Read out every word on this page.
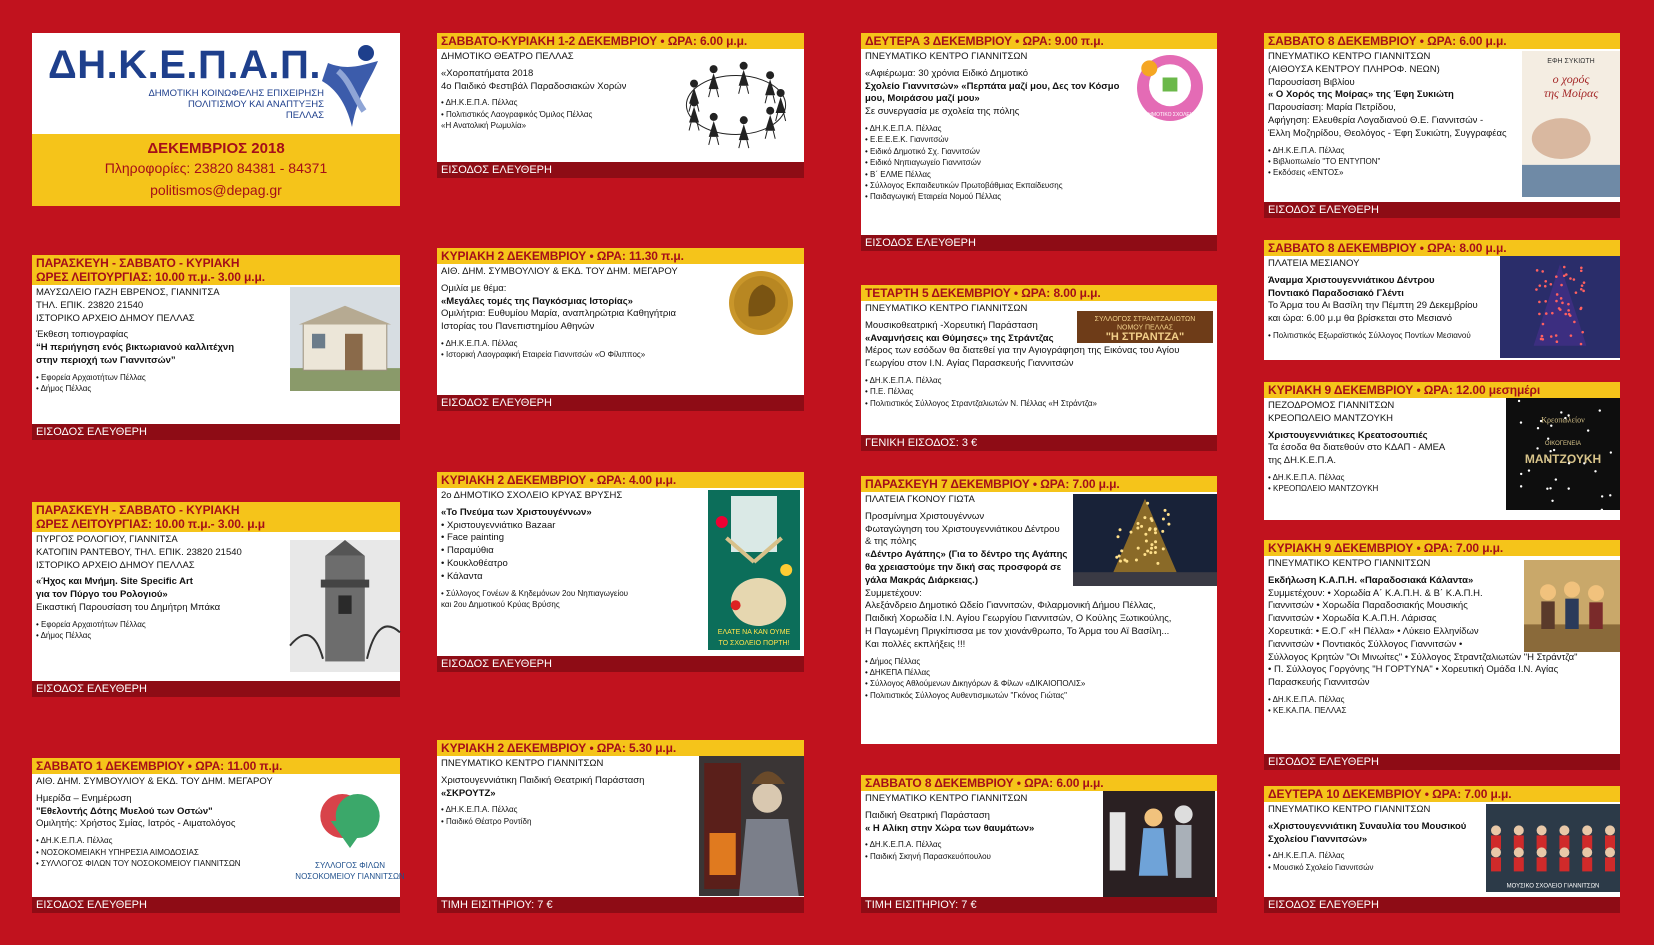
ΔΗ.Κ.Ε.Π.Α.Π.
ΔΗΜΟΤΙΚΗ ΚΟΙΝΩΦΕΛΗΣ ΕΠΙΧΕΙΡΗΣΗ
ΠΟΛΙΤΙΣΜΟΥ ΚΑΙ ΑΝΑΠΤΥΞΗΣ
ΠΕΛΛΑΣ
ΔΕΚΕΜΒΡΙΟΣ 2018
Πληροφορίες: 23820 84381 - 84371
politismos@depag.gr
ΠΑΡΑΣΚΕΥΗ - ΣΑΒΒΑΤΟ - ΚΥΡΙΑΚΗ
ΩΡΕΣ ΛΕΙΤΟΥΡΓΙΑΣ: 10.00 π.μ.- 3.00 μ.μ.
ΜΑΥΣΩΛΕΙΟ ΓΑΖΗ ΕΒΡΕΝΟΣ, ΓΙΑΝΝΙΤΣΑ
ΤΗΛ. ΕΠΙΚ. 23820 21540
ΙΣΤΟΡΙΚΟ ΑΡΧΕΙΟ ΔΗΜΟΥ ΠΕΛΛΑΣ
Έκθεση τοπιογραφίας
“Η περιήγηση ενός βικτωριανού καλλιτέχνη
στην περιοχή των Γιαννιτσών”
• Εφορεία Αρχαιοτήτων Πέλλας
• Δήμος Πέλλας
ΕΙΣΟΔΟΣ ΕΛΕΥΘΕΡΗ
ΠΑΡΑΣΚΕΥΗ - ΣΑΒΒΑΤΟ - ΚΥΡΙΑΚΗ
ΩΡΕΣ ΛΕΙΤΟΥΡΓΙΑΣ: 10.00 π.μ.- 3.00. μ.μ
ΠΥΡΓΟΣ ΡΟΛΟΓΙΟΥ, ΓΙΑΝΝΙΤΣΑ
ΚΑΤΟΠΙΝ ΡΑΝΤΕΒΟΥ, ΤΗΛ. ΕΠΙΚ. 23820 21540
ΙΣΤΟΡΙΚΟ ΑΡΧΕΙΟ ΔΗΜΟΥ ΠΕΛΛΑΣ
«Ήχος και Μνήμη. Site Specific Art
για τον Πύργο του Ρολογιού»
Εικαστική Παρουσίαση του Δημήτρη Μπάκα
• Εφορεία Αρχαιοτήτων Πέλλας
• Δήμος Πέλλας
ΕΙΣΟΔΟΣ ΕΛΕΥΘΕΡΗ
ΣΑΒΒΑΤΟ 1 ΔΕΚΕΜΒΡΙΟΥ • ΩΡΑ: 11.00 π.μ.
ΑΙΘ. ΔΗΜ. ΣΥΜΒΟΥΛΙΟΥ & ΕΚΔ. ΤΟΥ ΔΗΜ. ΜΕΓΑΡΟΥ
Ημερίδα – Ενημέρωση
"Εθελοντής Δότης Μυελού των Οστών"
Ομιλητής: Χρήστος Σμίας, Ιατρός - Αιματολόγος
• ΔΗ.Κ.Ε.Π.Α. Πέλλας
• ΝΟΣΟΚΟΜΕΙΑΚΗ ΥΠΗΡΕΣΙΑ ΑΙΜΟΔΟΣΙΑΣ
• ΣΥΛΛΟΓΟΣ ΦΙΛΩΝ ΤΟΥ ΝΟΣΟΚΟΜΕΙΟΥ ΓΙΑΝΝΙΤΣΩΝ	ΣΥΛΛΟΓΟΣ ΦΙΛΩΝ
ΝΟΣΟΚΟΜΕΙΟΥ ΓΙΑΝΝΙΤΣΩΝ
ΕΙΣΟΔΟΣ ΕΛΕΥΘΕΡΗ
ΣΑΒΒΑΤΟ-ΚΥΡΙΑΚΗ 1-2 ΔΕΚΕΜΒΡΙΟΥ • ΩΡΑ: 6.00 μ.μ.
ΔΗΜΟΤΙΚΟ ΘΕΑΤΡΟ ΠΕΛΛΑΣ
«Χοροπατήματα 2018
4ο Παιδικό Φεστιβάλ Παραδοσιακών Χορών
• ΔΗ.Κ.Ε.Π.Α. Πέλλας
• Πολιτιστικός Λαογραφικός Όμιλος Πέλλας
«Η Ανατολική Ρωμυλία»
ΕΙΣΟΔΟΣ ΕΛΕΥΘΕΡΗ
ΚΥΡΙΑΚΗ 2 ΔΕΚΕΜΒΡΙΟΥ • ΩΡΑ: 11.30 π.μ.
ΑΙΘ. ΔΗΜ. ΣΥΜΒΟΥΛΙΟΥ & ΕΚΔ. ΤΟΥ ΔΗΜ. ΜΕΓΑΡΟΥ
Ομιλία με θέμα:
«Μεγάλες τομές της Παγκόσμιας Ιστορίας»
Ομιλήτρια: Ευθυμίου Μαρία, αναπληρώτρια Καθηγήτρια
Ιστορίας του Πανεπιστημίου Αθηνών
• ΔΗ.Κ.Ε.Π.Α. Πέλλας
• Ιστορική Λαογραφική Εταιρεία Γιαννιτσών «Ο Φίλιππος»
ΕΙΣΟΔΟΣ ΕΛΕΥΘΕΡΗ
ΚΥΡΙΑΚΗ 2 ΔΕΚΕΜΒΡΙΟΥ • ΩΡΑ: 4.00 μ.μ.
2ο ΔΗΜΟΤΙΚΟ ΣΧΟΛΕΙΟ ΚΡΥΑΣ ΒΡΥΣΗΣ
«Το Πνεύμα των Χριστουγέννων»
• Χριστουγεννιάτικο Bazaar
• Face painting
• Παραμύθια
• Κουκλοθέατρο
• Κάλαντα
• Σύλλογος Γονέων & Κηδεμόνων 2ου Νηπιαγωγείου
και 2ου Δημοτικού Κρύας Βρύσης
ΕΛΑΤΕ ΝΑ ΚΑΝ ΟΥΜΕ
ΤΟ ΣΧΟΛΕΙΟ ΠΟΡΤΗ!
ΕΙΣΟΔΟΣ ΕΛΕΥΘΕΡΗ
ΚΥΡΙΑΚΗ 2 ΔΕΚΕΜΒΡΙΟΥ • ΩΡΑ: 5.30 μ.μ.
ΠΝΕΥΜΑΤΙΚΟ ΚΕΝΤΡΟ ΓΙΑΝΝΙΤΣΩΝ
Χριστουγεννιάτικη Παιδική Θεατρική Παράσταση
«ΣΚΡΟΥΤΖ»
• ΔΗ.Κ.Ε.Π.Α. Πέλλας
• Παιδικό Θέατρο Ροντίδη
ΤΙΜΗ ΕΙΣΙΤΗΡΙΟΥ: 7 €
ΔΕΥΤΕΡΑ 3 ΔΕΚΕΜΒΡΙΟΥ • ΩΡΑ: 9.00 π.μ.
ΠΝΕΥΜΑΤΙΚΟ ΚΕΝΤΡΟ ΓΙΑΝΝΙΤΣΩΝ
«Αφιέρωμα: 30 χρόνια Ειδικό Δημοτικό
Σχολείο Γιαννιτσών» «Περπάτα μαζί μου, Δες τον Κόσμο
μου, Μοιράσου μαζί μου»
Σε συνεργασία με σχολεία της πόλης
• ΔΗ.Κ.Ε.Π.Α. Πέλλας
• Ε.Ε.Ε.Ε.Κ. Γιαννιτσών
• Ειδικό Δημοτικό Σχ. Γιαννιτσών
• Ειδικό Νηπιαγωγείο Γιαννιτσών
• Β΄ ΕΛΜΕ Πέλλας
• Σύλλογος Εκπαιδευτικών Πρωτοβάθμιας Εκπαίδευσης
• Παιδαγωγική Εταιρεία Νομού Πέλλας
ΔΗΜΟΤΙΚΟ ΣΧΟΛΕΙΟ
ΕΙΣΟΔΟΣ ΕΛΕΥΘΕΡΗ
ΤΕΤΑΡΤΗ 5 ΔΕΚΕΜΒΡΙΟΥ • ΩΡΑ: 8.00 μ.μ.
ΠΝΕΥΜΑΤΙΚΟ ΚΕΝΤΡΟ ΓΙΑΝΝΙΤΣΩΝ
Μουσικοθεατρική -Χορευτική Παράσταση
«Αναμνήσεις και Θύμησες» της Στράντζας
Μέρος των εσόδων θα διατεθεί για την Αγιογράφηση της Εικόνας του Αγίου
Γεωργίου στον Ι.Ν. Αγίας Παρασκευής Γιαννιτσών
• ΔΗ.Κ.Ε.Π.Α. Πέλλας
• Π.Ε. Πέλλας
• Πολιτιστικός Σύλλογος Στραντζαλιωτών Ν. Πέλλας «Η Στράντζα»
ΣΥΛΛΟΓΟΣ ΣΤΡΑΝΤΖΑΛΙΩΤΩΝ
ΝΟΜΟΥ ΠΕΛΛΑΣ
"Η ΣΤΡΑΝΤΖΑ"
ΓΕΝΙΚΗ ΕΙΣΟΔΟΣ: 3 €
ΠΑΡΑΣΚΕΥΗ 7 ΔΕΚΕΜΒΡΙΟΥ • ΩΡΑ: 7.00 μ.μ.
ΠΛΑΤΕΙΑ ΓΚΟΝΟΥ ΓΙΩΤΑ
Προσμίνημα Χριστουγέννων
Φωταγώγηση του Χριστουγεννιάτικου Δέντρου
& της πόλης
«Δέντρο Αγάπης» (Για το δέντρο της Αγάπης
θα χρειαστούμε την δική σας προσφορά σε
γάλα Μακράς Διάρκειας.)
Συμμετέχουν:
Αλεξάνδρειο Δημοτικό Ωδείο Γιαννιτσών, Φιλαρμονική Δήμου Πέλλας,
Παιδική Χορωδία Ι.Ν. Αγίου Γεωργίου Γιαννιτσών, Ο Κούλης Ξωτικούλης,
Η Παγωμένη Πριγκίπισσα με τον χιονάνθρωπο, Το Άρμα του Αϊ Βασίλη...
Και πολλές εκπλήξεις !!!
• Δήμος Πέλλας
• ΔΗΚΕΠΑ Πέλλας
• Σύλλογος Αθλούμενων Δικηγόρων & Φίλων «ΔΙΚΑΙΟΠΟΛΙΣ»
• Πολιτιστικός Σύλλογος Αυθεντισμιωτών "Γκόνος Γιώτας"
ΣΑΒΒΑΤΟ 8 ΔΕΚΕΜΒΡΙΟΥ • ΩΡΑ: 6.00 μ.μ.
ΠΝΕΥΜΑΤΙΚΟ ΚΕΝΤΡΟ ΓΙΑΝΝΙΤΣΩΝ
Παιδική Θεατρική Παράσταση
« Η Αλίκη στην Χώρα των θαυμάτων»
• ΔΗ.Κ.Ε.Π.Α. Πέλλας
• Παιδική Σκηνή Παρασκευόπουλου
ΤΙΜΗ ΕΙΣΙΤΗΡΙΟΥ: 7 €
ΣΑΒΒΑΤΟ 8 ΔΕΚΕΜΒΡΙΟΥ • ΩΡΑ: 6.00 μ.μ.
ΠΝΕΥΜΑΤΙΚΟ ΚΕΝΤΡΟ ΓΙΑΝΝΙΤΣΩΝ
(ΑΙΘΟΥΣΑ ΚΕΝΤΡΟΥ ΠΛΗΡΟΦ. ΝΕΩΝ)
Παρουσίαση Βιβλίου
« Ο Χορός της Μοίρας» της Έφη Συκιώτη
Παρουσίαση: Μαρία Πετρίδου,
Αφήγηση: Ελευθερία Λογαδιανού Θ.Ε. Γιαννιτσών -
Έλλη Μοζηρίδου, Θεολόγος - Έφη Συκιώτη, Συγγραφέας
• ΔΗ.Κ.Ε.Π.Α. Πέλλας
• Βιβλιοπωλείο "ΤΟ ΕΝΤΥΠΟΝ"
• Εκδόσεις «ΕΝΤΟΣ»
ΕΦΗ ΣΥΚΙΩΤΗ
ο χορός
της Μοίρας
ΕΙΣΟΔΟΣ ΕΛΕΥΘΕΡΗ
ΣΑΒΒΑΤΟ 8 ΔΕΚΕΜΒΡΙΟΥ • ΩΡΑ: 8.00 μ.μ.
ΠΛΑΤΕΙΑ ΜΕΣΙΑΝΟΥ
Άναμμα Χριστουγεννιάτικου Δέντρου
Ποντιακό Παραδοσιακό Γλέντι
Το Άρμα του Αι Βασίλη την Πέμπτη 29 Δεκεμβρίου
και ώρα: 6.00 μ.μ θα βρίσκεται στο Μεσιανό
• Πολιτιστικός Εξωραϊστικός Σύλλογος Ποντίων Μεσιανού
ΚΥΡΙΑΚΗ 9 ΔΕΚΕΜΒΡΙΟΥ • ΩΡΑ: 12.00 μεσημέρι
ΠΕΖΟΔΡΟΜΟΣ ΓΙΑΝΝΙΤΣΩΝ
ΚΡΕΟΠΩΛΕΙΟ ΜΑΝΤΖΟΥΚΗ
Χριστουγεννιάτικες Κρεατοσουπιές
Τα έσοδα θα διατεθούν στο ΚΔΑΠ - ΑΜΕΑ
της ΔΗ.Κ.Ε.Π.Α.
• ΔΗ.Κ.Ε.Π.Α. Πέλλας
• ΚΡΕΟΠΩΛΕΙΟ ΜΑΝΤΖΟΥΚΗ
Κρεοπωλείον
ΟΙΚΟΓΕΝΕΙΑ
ΜΑΝΤΖΟΥΚΗ
ΚΥΡΙΑΚΗ 9 ΔΕΚΕΜΒΡΙΟΥ • ΩΡΑ: 7.00 μ.μ.
ΠΝΕΥΜΑΤΙΚΟ ΚΕΝΤΡΟ ΓΙΑΝΝΙΤΣΩΝ
Εκδήλωση Κ.Α.Π.Η. «Παραδοσιακά Κάλαντα»
Συμμετέχουν: • Χορωδία Α΄ Κ.Α.Π.Η. & Β΄ Κ.Α.Π.Η.
Γιαννιτσών • Χορωδία Παραδοσιακής Μουσικής
Γιαννιτσών • Χορωδία Κ.Α.Π.Η. Λάρισας
Χορευτικά: • Ε.Ο.Γ «Η Πέλλα» • Λύκειο Ελληνίδων
Γιαννιτσών • Ποντιακός Σύλλογος Γιαννιτσών •
Σύλλογος Κρητών "Οι Μινωίτες" • Σύλλογος Στραντζαλιωτών "Η Στράντζα"
• Π. Σύλλογος Γοργόνης "Η ΓΟΡΤΥΝΑ" • Χορευτική Ομάδα Ι.Ν. Αγίας
Παρασκευής Γιαννιτσών
• ΔΗ.Κ.Ε.Π.Α. Πέλλας
• ΚΕ.ΚΑ.ΠΑ. ΠΕΛΛΑΣ
ΕΙΣΟΔΟΣ ΕΛΕΥΘΕΡΗ
ΔΕΥΤΕΡΑ 10 ΔΕΚΕΜΒΡΙΟΥ • ΩΡΑ: 7.00 μ.μ.
ΠΝΕΥΜΑΤΙΚΟ ΚΕΝΤΡΟ ΓΙΑΝΝΙΤΣΩΝ
«Χριστουγεννιάτικη Συναυλία του Μουσικού
Σχολείου Γιαννιτσών»
• ΔΗ.Κ.Ε.Π.Α. Πέλλας
• Μουσικό Σχολείο Γιαννιτσών
ΜΟΥΣΙΚΟ ΣΧΟΛΕΙΟ ΓΙΑΝΝΙΤΣΩΝ
ΕΙΣΟΔΟΣ ΕΛΕΥΘΕΡΗ
